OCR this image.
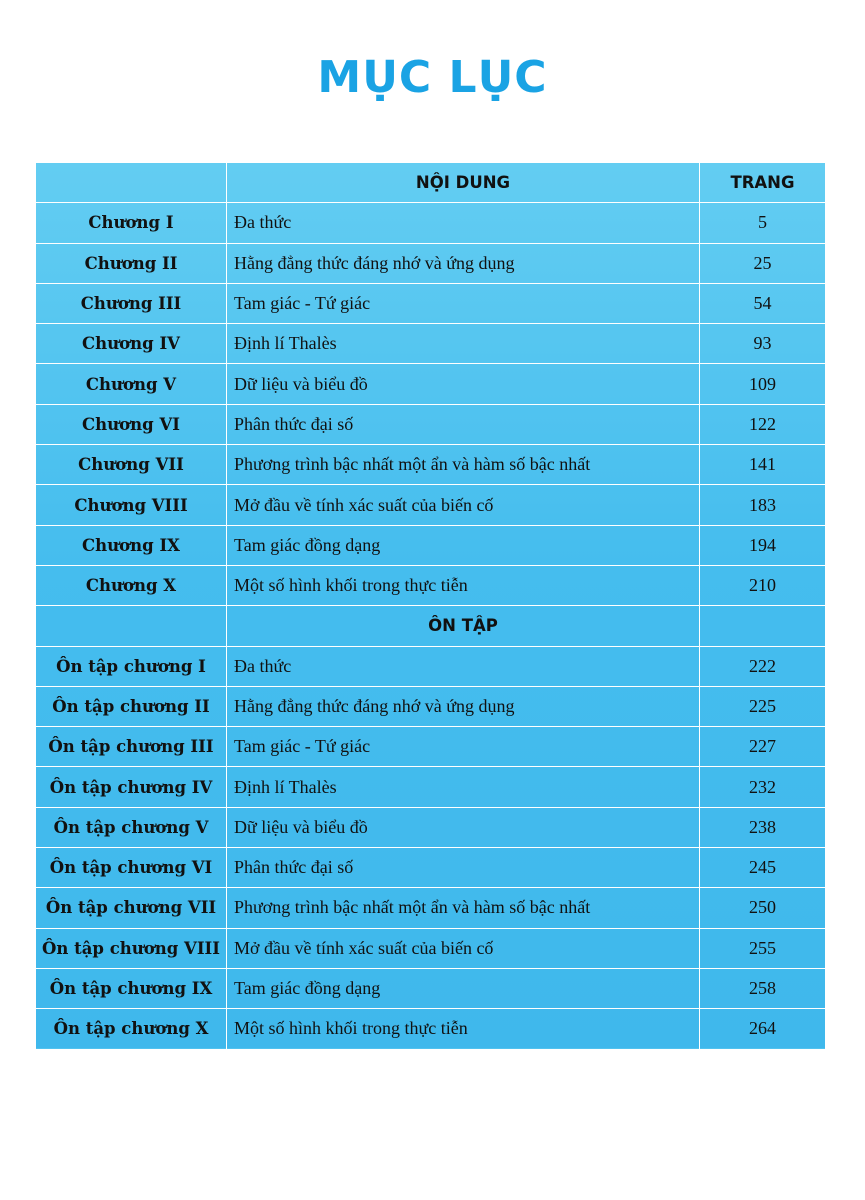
MỤC LỤC
	NỘI DUNG	TRANG
Chương I	Đa thức	5
Chương II	Hằng đẳng thức đáng nhớ và ứng dụng	25
Chương III	Tam giác - Tứ giác	54
Chương IV	Định lí Thalès	93
Chương V	Dữ liệu và biểu đồ	109
Chương VI	Phân thức đại số	122
Chương VII	Phương trình bậc nhất một ẩn và hàm số bậc nhất	141
Chương VIII	Mở đầu về tính xác suất của biến cố	183
Chương IX	Tam giác đồng dạng	194
Chương X	Một số hình khối trong thực tiễn	210
	ÔN TẬP	
Ôn tập chương I	Đa thức	222
Ôn tập chương II	Hằng đẳng thức đáng nhớ và ứng dụng	225
Ôn tập chương III	Tam giác - Tứ giác	227
Ôn tập chương IV	Định lí Thalès	232
Ôn tập chương V	Dữ liệu và biểu đồ	238
Ôn tập chương VI	Phân thức đại số	245
Ôn tập chương VII	Phương trình bậc nhất một ẩn và hàm số bậc nhất	250
Ôn tập chương VIII	Mở đầu về tính xác suất của biến cố	255
Ôn tập chương IX	Tam giác đồng dạng	258
Ôn tập chương X	Một số hình khối trong thực tiễn	264
